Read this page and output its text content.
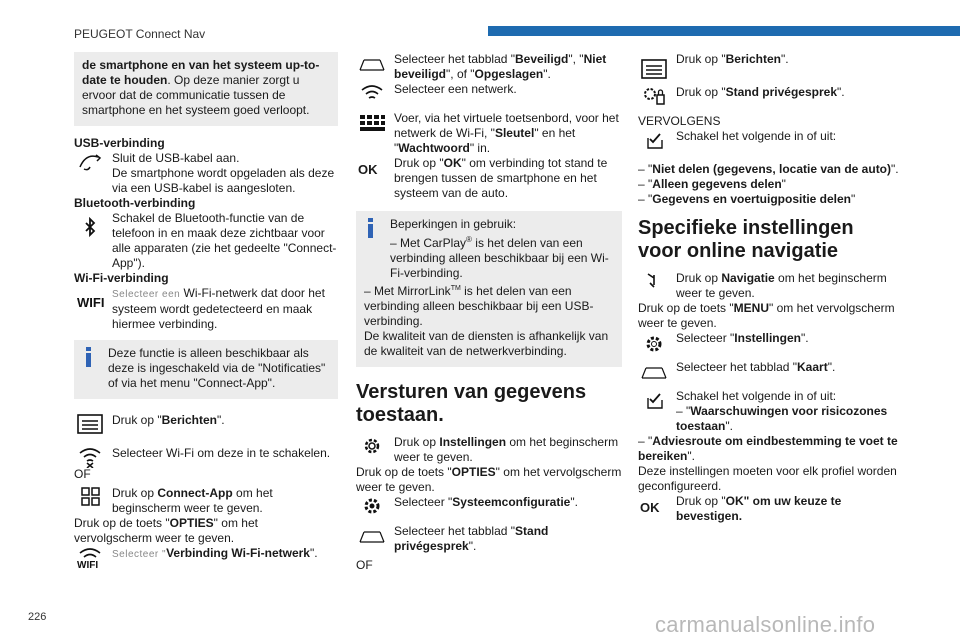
PEUGEOT Connect Nav
de smartphone en van het systeem up-to-date te houden. Op deze manier zorgt u ervoor dat de communicatie tussen de smartphone en het systeem goed verloopt.

USB-verbinding

Sluit de USB-kabel aan.

De smartphone wordt opgeladen als deze via een USB-kabel is aangesloten.

Bluetooth-verbinding

Schakel de Bluetooth-functie van de telefoon in en maak deze zichtbaar voor alle apparaten (zie het gedeelte "Connect-App").

Wi-Fi-verbinding

WIFI
Selecteer een Wi-Fi-netwerk dat door het systeem wordt gedetecteerd en maak hiermee verbinding.
Deze functie is alleen beschikbaar als deze is ingeschakeld via de "Notificaties" of via het menu "Connect-App".
Druk op "Berichten".
Selecteer Wi-Fi om deze in te schakelen.

OF

Druk op Connect-App om het beginscherm weer te geven.

Druk op de toets "OPTIES" om het vervolgscherm weer te geven.

WIFI
Selecteer "Verbinding Wi-Fi-netwerk".
Selecteer het tabblad "Beveiligd", "Niet beveiligd", of "Opgeslagen".
Selecteer een netwerk.
Voer, via het virtuele toetsenbord, voor het netwerk de Wi-Fi, "Sleutel" en het "Wachtwoord" in.
OK	Druk op "OK" om verbinding tot stand te brengen tussen de smartphone en het systeem van de auto.
Beperkingen in gebruik:
– Met CarPlay® is het delen van een verbinding alleen beschikbaar bij een Wi-Fi-verbinding.

– Met MirrorLink™ is het delen van een verbinding alleen beschikbaar bij een USB-verbinding.
De kwaliteit van de diensten is afhankelijk van de kwaliteit van de netwerkverbinding.

Versturen van gegevens toestaan.

Druk op Instellingen om het beginscherm weer te geven.

Druk op de toets "OPTIES" om het vervolgscherm weer te geven.

Selecteer "Systeemconfiguratie".
Selecteer het tabblad "Stand privégesprek".

OF

Druk op "Berichten".
Druk op "Stand privégesprek".

VERVOLGENS

Schakel het volgende in of uit:

– "Niet delen (gegevens, locatie van de auto)".

– "Alleen gegevens delen"

– "Gegevens en voertuigpositie delen"

Specifieke instellingen voor online navigatie

Druk op Navigatie om het beginscherm weer te geven.

Druk op de toets "MENU" om het vervolgscherm weer te geven.

Selecteer "Instellingen".
Selecteer het tabblad "Kaart".
Schakel het volgende in of uit:
– "Waarschuwingen voor risicozones toestaan".

– "Adviesroute om eindbestemming te voet te bereiken".

Deze instellingen moeten voor elk profiel worden geconfigureerd.

OK	Druk op "OK" om uw keuze te bevestigen.
226	carmanualsonline.info
